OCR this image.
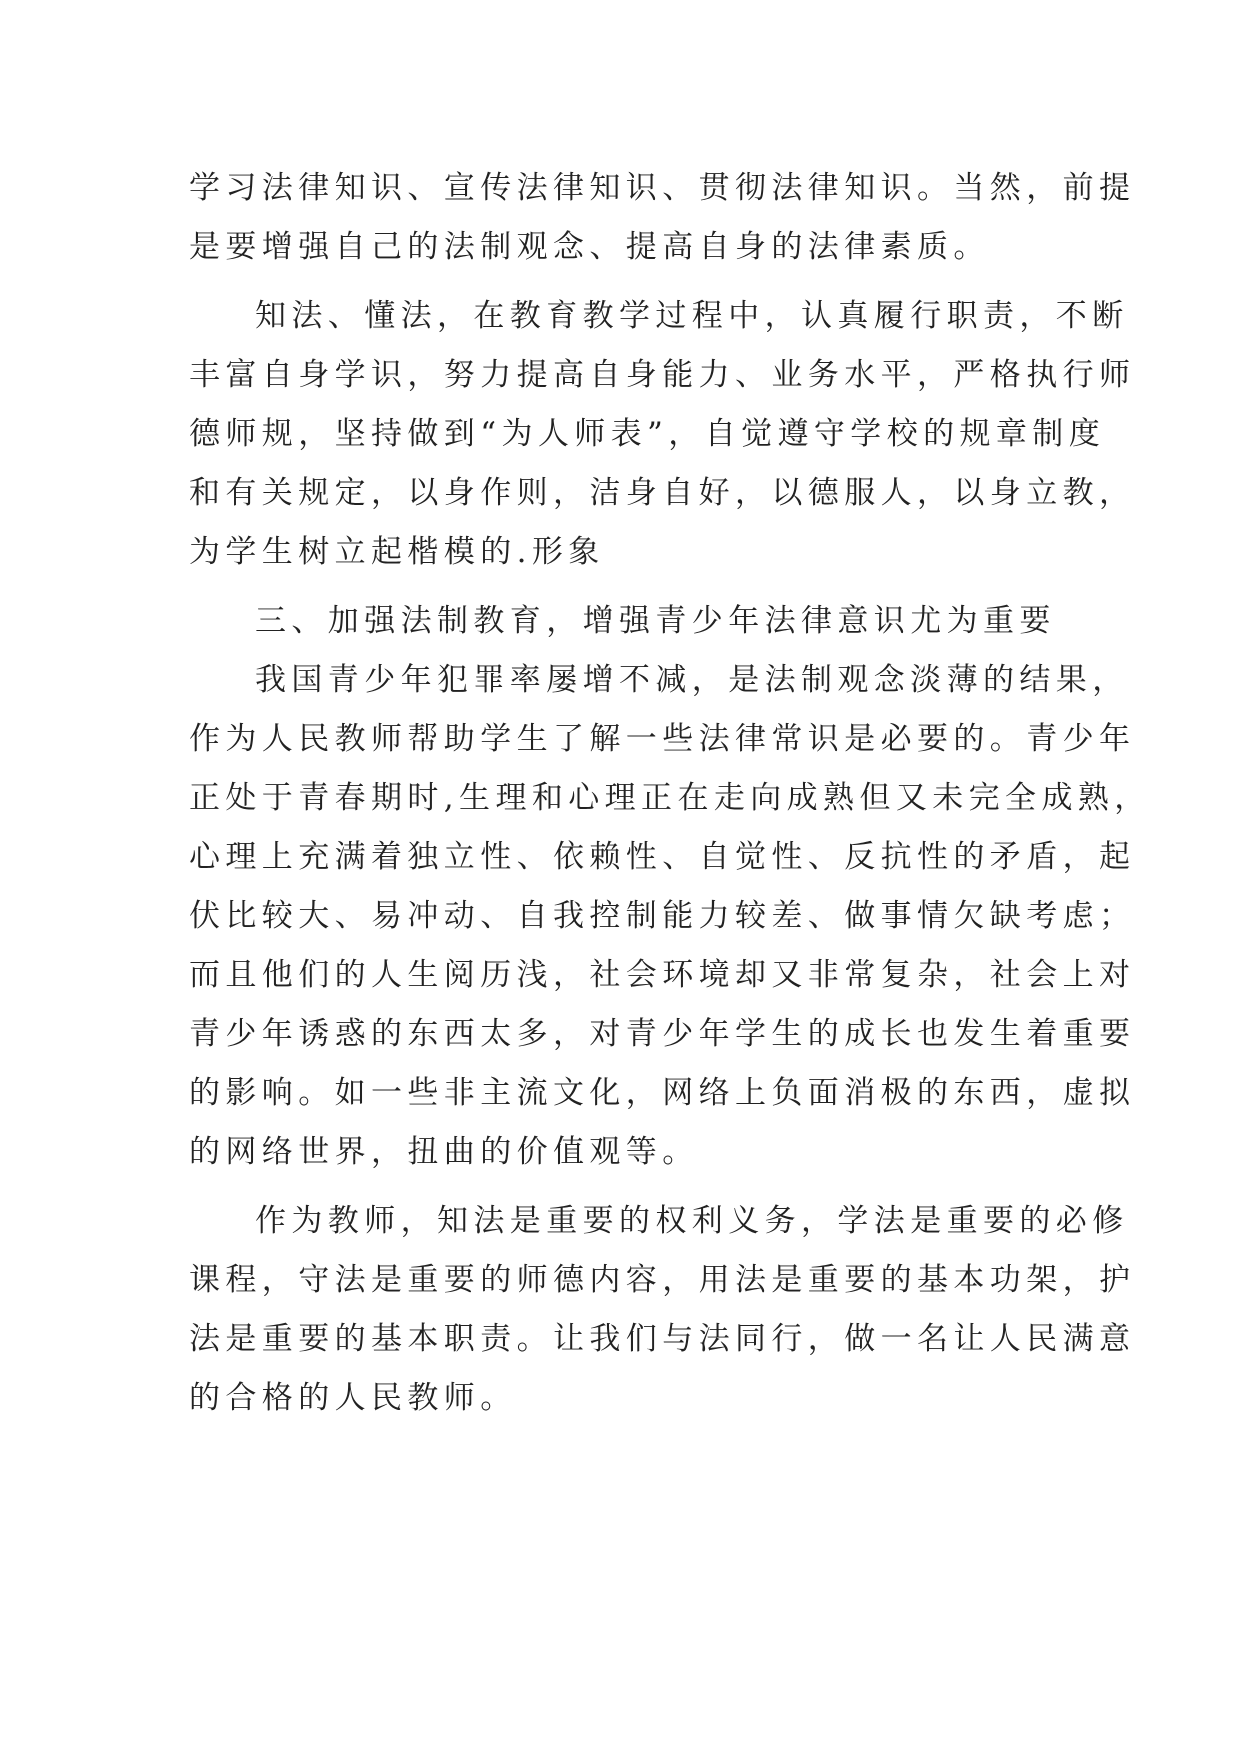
学习法律知识、宣传法律知识、贯彻法律知识。当然，前提
是要增强自己的法制观念、提高自身的法律素质。
知法、懂法，在教育教学过程中，认真履行职责，不断
丰富自身学识，努力提高自身能力、业务水平，严格执行师
德师规，坚持做到“为人师表”，自觉遵守学校的规章制度
和有关规定，以身作则，洁身自好，以德服人，以身立教，
为学生树立起楷模的.形象
三、加强法制教育，增强青少年法律意识尤为重要
我国青少年犯罪率屡增不减，是法制观念淡薄的结果，
作为人民教师帮助学生了解一些法律常识是必要的。青少年
正处于青春期时,生理和心理正在走向成熟但又未完全成熟，
心理上充满着独立性、依赖性、自觉性、反抗性的矛盾，起
伏比较大、易冲动、自我控制能力较差、做事情欠缺考虑；
而且他们的人生阅历浅，社会环境却又非常复杂，社会上对
青少年诱惑的东西太多，对青少年学生的成长也发生着重要
的影响。如一些非主流文化，网络上负面消极的东西，虚拟
的网络世界，扭曲的价值观等。
作为教师，知法是重要的权利义务，学法是重要的必修
课程，守法是重要的师德内容，用法是重要的基本功架，护
法是重要的基本职责。让我们与法同行，做一名让人民满意
的合格的人民教师。
